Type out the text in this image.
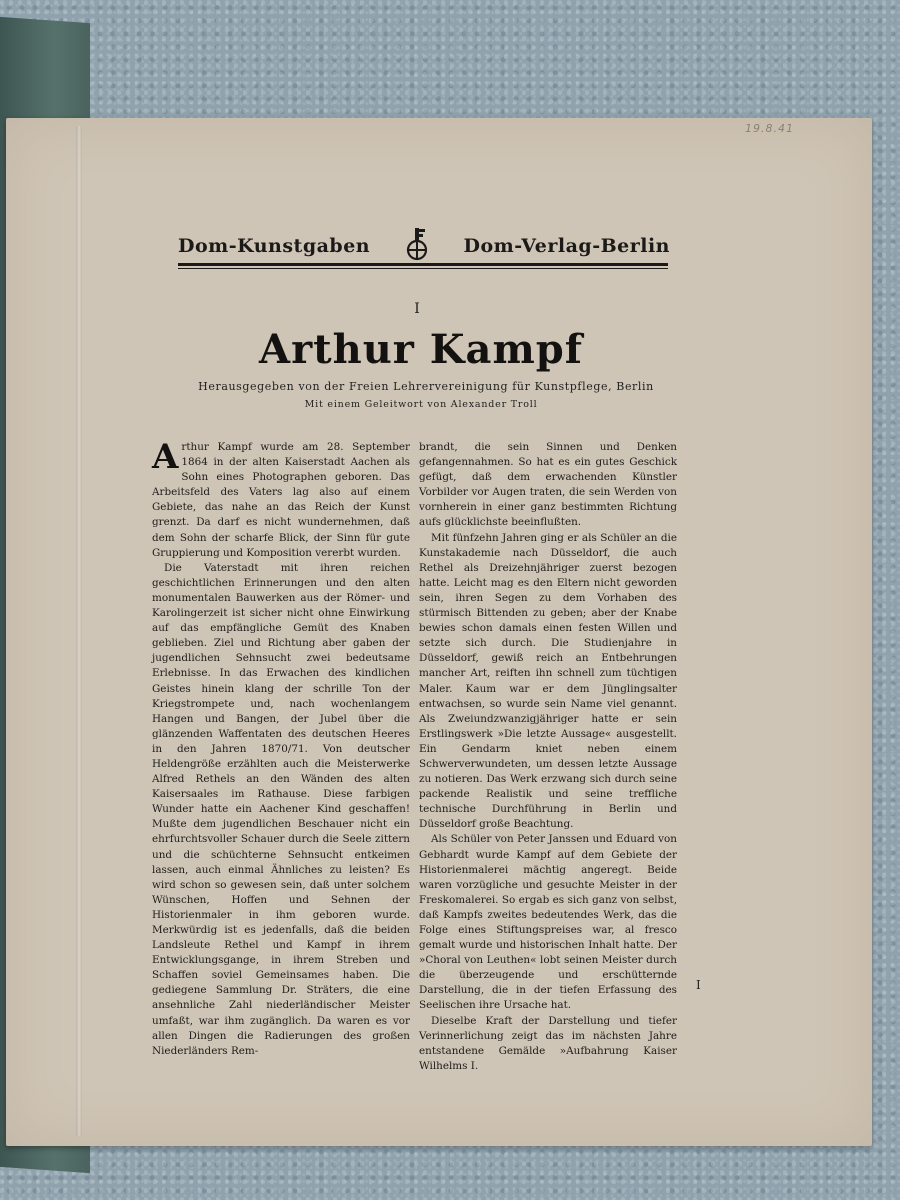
19.8.41
Dom-Kunstgaben	Dom-Verlag-Berlin
I
Arthur Kampf
Herausgegeben von der Freien Lehrervereinigung für Kunstpflege, Berlin
Mit einem Geleitwort von Alexander Troll

Arthur Kampf wurde am 28. September 1864 in der alten Kaiserstadt Aachen als Sohn eines Photographen geboren. Das Arbeitsfeld des Vaters lag also auf einem Gebiete, das nahe an das Reich der Kunst grenzt. Da darf es nicht wundernehmen, daß dem Sohn der scharfe Blick, der Sinn für gute Gruppierung und Komposition vererbt wurden.

Die Vaterstadt mit ihren reichen geschichtlichen Erinnerungen und den alten monumentalen Bauwerken aus der Römer- und Karolingerzeit ist sicher nicht ohne Einwirkung auf das empfängliche Gemüt des Knaben geblieben. Ziel und Richtung aber gaben der jugendlichen Sehnsucht zwei bedeutsame Erlebnisse. In das Erwachen des kindlichen Geistes hinein klang der schrille Ton der Kriegstrompete und, nach wochenlangem Hangen und Bangen, der Jubel über die glänzenden Waffentaten des deutschen Heeres in den Jahren 1870/71. Von deutscher Heldengröße erzählten auch die Meisterwerke Alfred Rethels an den Wänden des alten Kaisersaales im Rathause. Diese farbigen Wunder hatte ein Aachener Kind geschaffen! Mußte dem jugendlichen Beschauer nicht ein ehrfurchtsvoller Schauer durch die Seele zittern und die schüchterne Sehnsucht entkeimen lassen, auch einmal Ähnliches zu leisten? Es wird schon so gewesen sein, daß unter solchem Wünschen, Hoffen und Sehnen der Historienmaler in ihm geboren wurde. Merkwürdig ist es jedenfalls, daß die beiden Landsleute Rethel und Kampf in ihrem Entwicklungsgange, in ihrem Streben und Schaffen soviel Gemeinsames haben. Die gediegene Sammlung Dr. Sträters, die eine ansehnliche Zahl niederländischer Meister umfaßt, war ihm zugänglich. Da waren es vor allen Dingen die Radierungen des großen Niederländers Rem-

brandt, die sein Sinnen und Denken gefangennahmen. So hat es ein gutes Geschick gefügt, daß dem erwachenden Künstler Vorbilder vor Augen traten, die sein Werden von vornherein in einer ganz bestimmten Richtung aufs glücklichste beeinflußten.

Mit fünfzehn Jahren ging er als Schüler an die Kunstakademie nach Düsseldorf, die auch Rethel als Dreizehnjähriger zuerst bezogen hatte. Leicht mag es den Eltern nicht geworden sein, ihren Segen zu dem Vorhaben des stürmisch Bittenden zu geben; aber der Knabe bewies schon damals einen festen Willen und setzte sich durch. Die Studienjahre in Düsseldorf, gewiß reich an Entbehrungen mancher Art, reiften ihn schnell zum tüchtigen Maler. Kaum war er dem Jünglingsalter entwachsen, so wurde sein Name viel genannt. Als Zweiundzwanzigjähriger hatte er sein Erstlingswerk »Die letzte Aussage« ausgestellt. Ein Gendarm kniet neben einem Schwerverwundeten, um dessen letzte Aussage zu notieren. Das Werk erzwang sich durch seine packende Realistik und seine treffliche technische Durchführung in Berlin und Düsseldorf große Beachtung.

Als Schüler von Peter Janssen und Eduard von Gebhardt wurde Kampf auf dem Gebiete der Historienmalerei mächtig angeregt. Beide waren vorzügliche und gesuchte Meister in der Freskomalerei. So ergab es sich ganz von selbst, daß Kampfs zweites bedeutendes Werk, das die Folge eines Stiftungspreises war, al fresco gemalt wurde und historischen Inhalt hatte. Der »Choral von Leuthen« lobt seinen Meister durch die überzeugende und erschütternde Darstellung, die in der tiefen Erfassung des Seelischen ihre Ursache hat.

Dieselbe Kraft der Darstellung und tiefer Verinnerlichung zeigt das im nächsten Jahre entstandene Gemälde »Aufbahrung Kaiser Wilhelms I.

I
